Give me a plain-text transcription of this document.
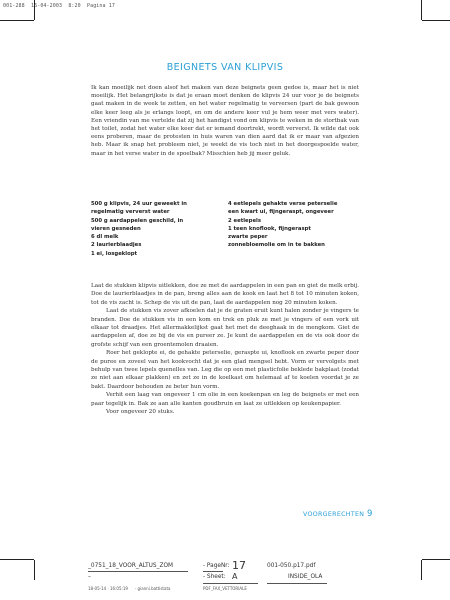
001-288  16-04-2003  8:20  Pagina 17
BEIGNETS VAN KLIPVIS
Ik kan moeilijk net doen alsof het maken van deze beignets geen gedoe is, maar het is niet moeilijk. Het belangrijkste is dat je eraan moet denken de klipvis 24 uur voor je de beignets gaat maken in de week te zetten, en het water regelmatig te verversen (part de bak gewoon elke keer leeg als je erlangs loopt, en om de andere keer vul je hem weer met vers water). Een vriendin van me vertelde dat zij het handigst vond om klipvis te weken in de stortbak van het toilet, zodat het water elke keer dat er iemand doortrekt, wordt ververst. Ik wilde dat ook eens proberen, maar de protesten in huis waren van dien aard dat ik er maar van afgezien heb. Maar ik snap het probleem niet, je weekt de vis toch niet in het doorgespoelde water, maar in het verse water in de spoelbak? Misschien heb jij meer geluk.
500 g klipvis, 24 uur geweekt in
regelmatig ververst water
500 g aardappelen geschild, in
vieren gesneden
6 dl melk
2 laurierblaadjes
1 ei, losgeklopt
4 eetlepels gehakte verse peterselie
een kwart ui, fijngeraspt, ongeveer
2 eetlepels
1 teen knoflook, fijngeraspt
zwarte peper
zonnebloemolie om in te bakken

Laat de stukken klipvis uitlekken, doe ze met de aardappelen in een pan en giet de melk erbij. Doe de laurierblaadjes in de pan, breng alles aan de kook en laat het 8 tot 10 minuten koken, tot de vis zacht is. Schep de vis uit de pan, laat de aardappelen nog 20 minuten koken.

Laat de stukken vis zover afkoelen dat je de graten eruit kunt halen zonder je vingers te branden. Doe de stukken vis in een kom en trek en pluk ze met je vingers of een vork uit elkaar tot draadjes. Het allermakkelijkst gaat het met de deeghaak in de mengkom. Giet de aardappelen af, doe ze bij de vis en pureer ze. Je kunt de aardappelen en de vis ook door de grofste schijf van een groentemolen draaien.

Roer het geklopte ei, de gehakte peterselie, geraspte ui, knoflook en zwarte peper door de puree en zoveel van het kookvocht dat je een glad mengsel hebt. Vorm er vervolgets met behulp van twee lepels quenelles van. Leg die op een met plasticfolie beklede bakplaat (zodat ze niet aan elkaar plakken) en zet ze in de koelkast om helemaal af te koelen voordat je ze bakt. Daardoor behouden ze beter hun vorm.

Verhit een laag van ongeveer 1 cm olie in een koekenpan en leg de beignets er met een paar tegelijk in. Bak ze aan alle kanten goudbruin en laat ze uitlekken op keukenpapier.

Voor ongeveer 20 stuks.

VOORGERECHTEN 9
_0751_18_VOOR_ALTUS_ZOM
–
18-05-14 · 16:05:19 · gianni.battistata
- PageNr: 17
- Sheet: A
PDF_FAX_VETTORIALE
001-050.p17.pdf
INSIDE_OLA
